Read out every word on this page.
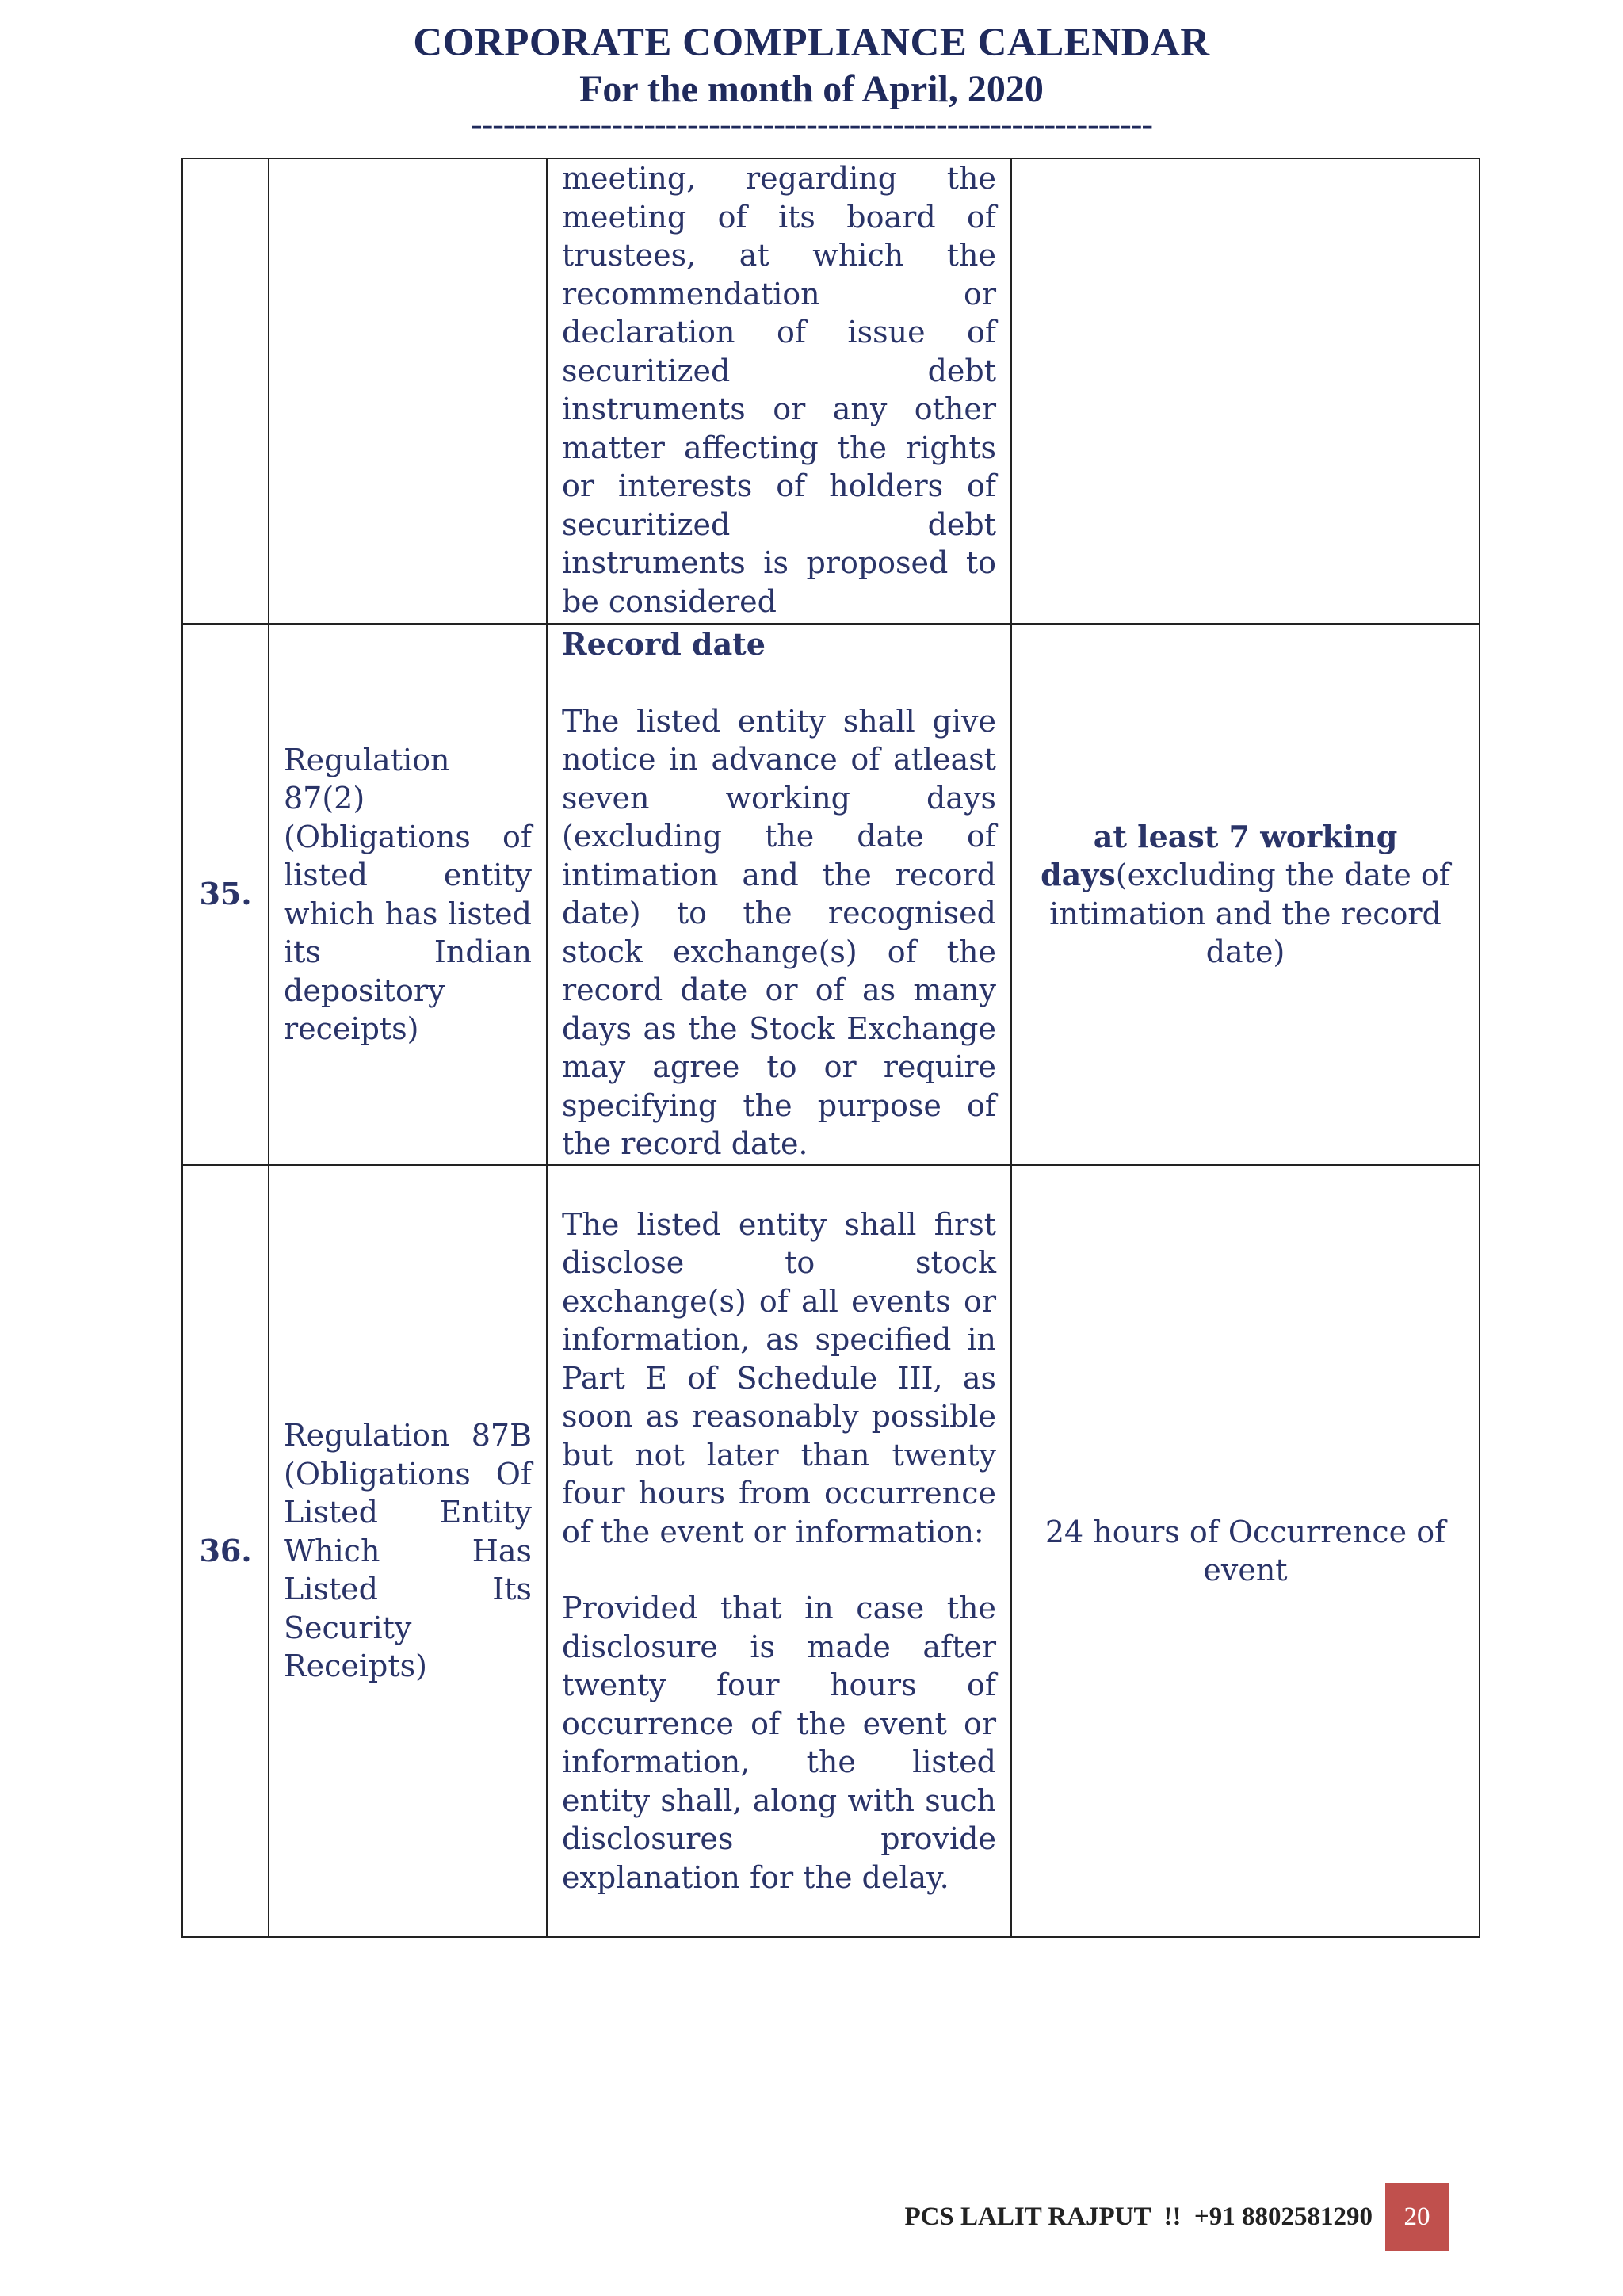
CORPORATE COMPLIANCE CALENDAR
For the month of April, 2020
---------------------------------------------------------------

		meeting, regarding the meeting of its board of trustees, at which the recommendation or declaration of issue of securitized debt instruments or any other matter affecting the rights or interests of holders of securitized debt instruments is proposed to be considered	

35.	Regulation 87(2) (Obligations of listed entity which has listed its Indian depository receipts)	Record date
The listed entity shall give notice in advance of atleast seven working days (excluding the date of intimation and the record date) to the recognised stock exchange(s) of the record date or of as many days as the Stock Exchange may agree to or require specifying the purpose of the record date.	at least 7 working days(excluding the date of intimation and the record date)
36.	Regulation 87B (Obligations Of Listed Entity Which Has Listed Its Security Receipts)	The listed entity shall first disclose to stock exchange(s) of all events or information, as specified in Part E of Schedule III, as soon as reasonably possible but not later than twenty four hours from occurrence of the event or information:
Provided that in case the disclosure is made after twenty four hours of occurrence of the event or information, the listed entity shall, along with such disclosures provide explanation for the delay.	24 hours of Occurrence of event
PCS LALIT RAJPUT  !!  +91 8802581290	20
